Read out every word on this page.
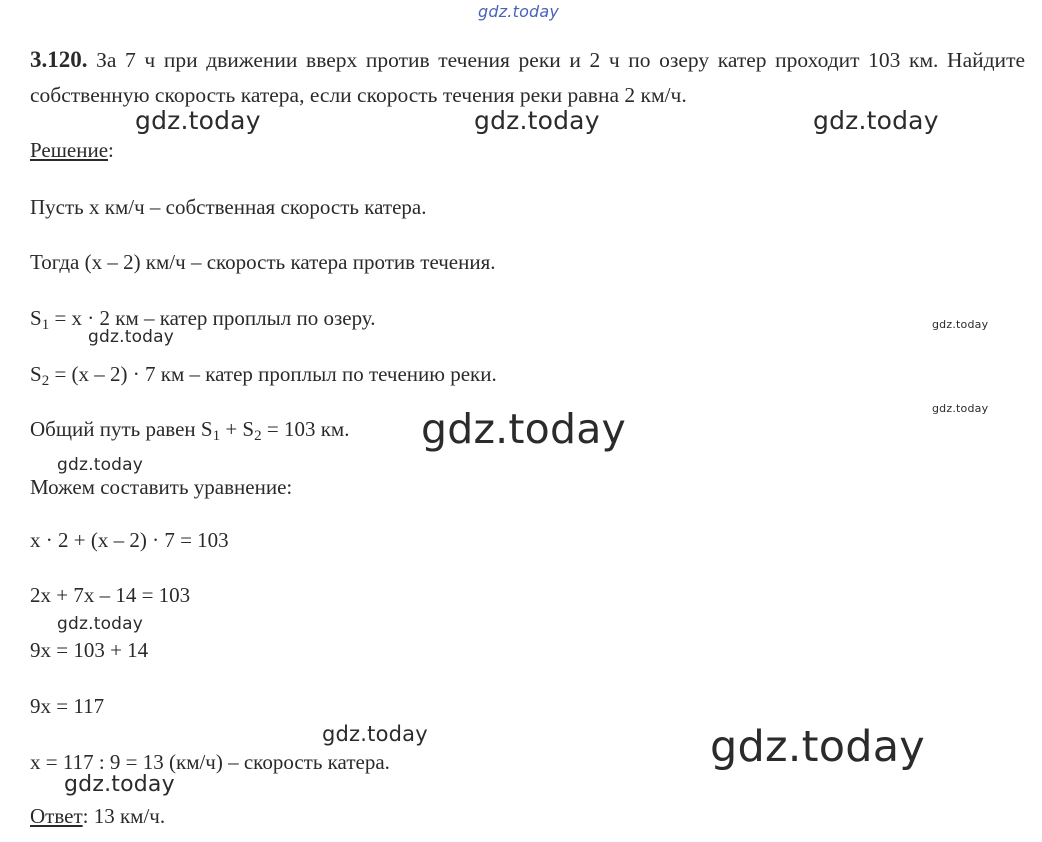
gdz.today
3.120. За 7 ч при движении вверх против течения реки и 2 ч по озеру катер проходит 103 км. Найдите собственную скорость катера, если скорость течения реки равна 2 км/ч.
gdz.today	gdz.today	gdz.today
Решение:
Пусть х км/ч – собственная скорость катера.
Тогда (х – 2) км/ч – скорость катера против течения.
$S_1 = х \cdot 2$ км – катер проплыл по озеру.	gdz.today
gdz.today
$S_2 = (х - 2) \cdot 7$ км – катер проплыл по течению реки.
gdz.today
Общий путь равен $S_1 + S_2 = 103$ км. gdz.today
gdz.today
Можем составить уравнение:
х · 2 + (х – 2) · 7 = 103
2х + 7х – 14 = 103
gdz.today
9х = 103 + 14
9х = 117
gdz.today	gdz.today
х = 117 : 9 = 13 (км/ч) – скорость катера.
gdz.today
Ответ: 13 км/ч.
